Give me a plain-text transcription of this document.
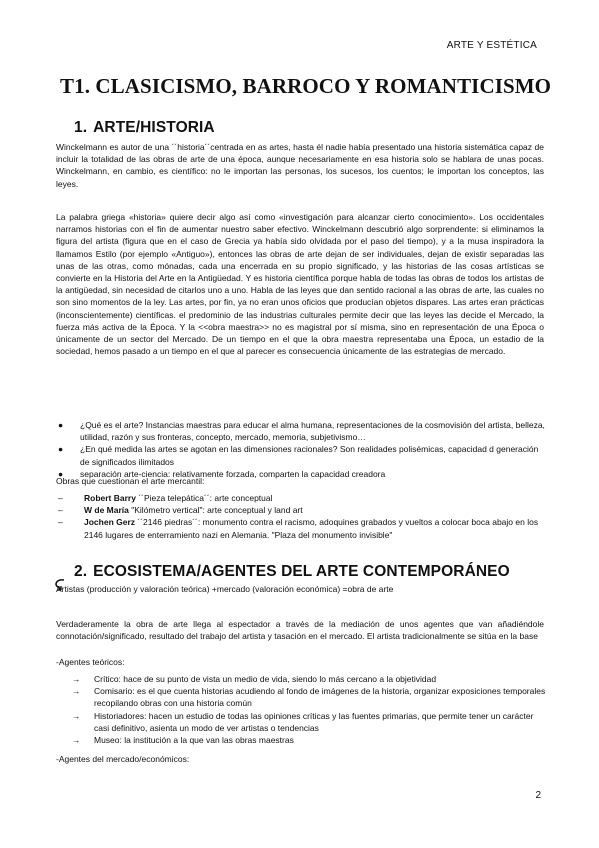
ARTE Y ESTÉTICA
T1. CLASICISMO, BARROCO Y ROMANTICISMO
1. ARTE/HISTORIA

Winckelmann es autor de una ´´historia´´centrada en as artes, hasta él nadie había presentado una historia sistemática capaz de incluir la totalidad de las obras de arte de una época, aunque necesariamente en esa historia solo se hablara de unas pocas. Winckelmann, en cambio, es científico: no le importan las personas, los sucesos, los cuentos; le importan los conceptos, las leyes.

La palabra griega «historia» quiere decir algo así como «investigación para alcanzar cierto conocimiento». Los occidentales narramos historias con el fin de aumentar nuestro saber efectivo. Winckelmann descubrió algo sorprendente: si eliminamos la figura del artista (figura que en el caso de Grecia ya había sido olvidada por el paso del tiempo), y a la musa inspiradora la llamamos Estilo (por ejemplo «Antiguo»), entonces las obras de arte dejan de ser individuales, dejan de existir separadas las unas de las otras, como mónadas, cada una encerrada en su propio significado, y las historias de las cosas artísticas se convierte en la Historia del Arte en la Antigüedad. Y es historia científica porque habla de todas las obras de todos los artistas de la antigüedad, sin necesidad de citarlos uno a uno. Habla de las leyes que dan sentido racional a las obras de arte, las cuales no son sino momentos de la ley. Las artes, por fin, ya no eran unos oficios que producían objetos dispares. Las artes eran prácticas (inconscientemente) científicas. el predominio de las industrias culturales permite decir que las leyes las decide el Mercado, la fuerza más activa de la Época. Y la <<obra maestra>> no es magistral por sí misma, sino en representación de una Época o únicamente de un sector del Mercado. De un tiempo en el que la obra maestra representaba una Época, un estadio de la sociedad, hemos pasado a un tiempo en el que al parecer es consecuencia únicamente de las estrategias de mercado.

● ¿Qué es el arte? Instancias maestras para educar el alma humana, representaciones de la cosmovisión del artista, belleza, utilidad, razón y sus fronteras, concepto, mercado, memoria, subjetivismo…
● ¿En qué medida las artes se agotan en las dimensiones racionales? Son realidades polisémicas, capacidad d generación de significados ilimitados
● separación arte-ciencia: relativamente forzada, comparten la capacidad creadora
Obras que cuestionan el arte mercantil:
–	Robert Barry ´´Pieza telepática´´: arte conceptual
–	W de María "Kilómetro vertical": arte conceptual y land art
–	Jochen Gerz ´´2146 piedras´´: monumento contra el racismo, adoquines grabados y vueltos a colocar boca abajo en los 2146 lugares de enterramiento nazi en Alemania. "Plaza del monumento invisible"
2. ECOSISTEMA/AGENTES DEL ARTE CONTEMPORÁNEO
Artistas (producción y valoración teórica) +mercado (valoración económica) =obra de arte

Verdaderamente la obra de arte llega al espectador a través de la mediación de unos agentes que van añadiéndole connotación/significado, resultado del trabajo del artista y tasación en el mercado. El artista tradicionalmente se sitúa en la base

-Agentes teóricos:
→ Crítico: hace de su punto de vista un medio de vida, siendo lo más cercano a la objetividad
→ Comisario: es el que cuenta historias acudiendo al fondo de imágenes de la historia, organizar exposiciones temporales recopilando obras con una historia común
→ Historiadores: hacen un estudio de todas las opiniones críticas y las fuentes primarias, que permite tener un carácter casi definitivo, asienta un modo de ver artistas o tendencias
→ Museo: la institución a la que van las obras maestras
-Agentes del mercado/económicos:
2
